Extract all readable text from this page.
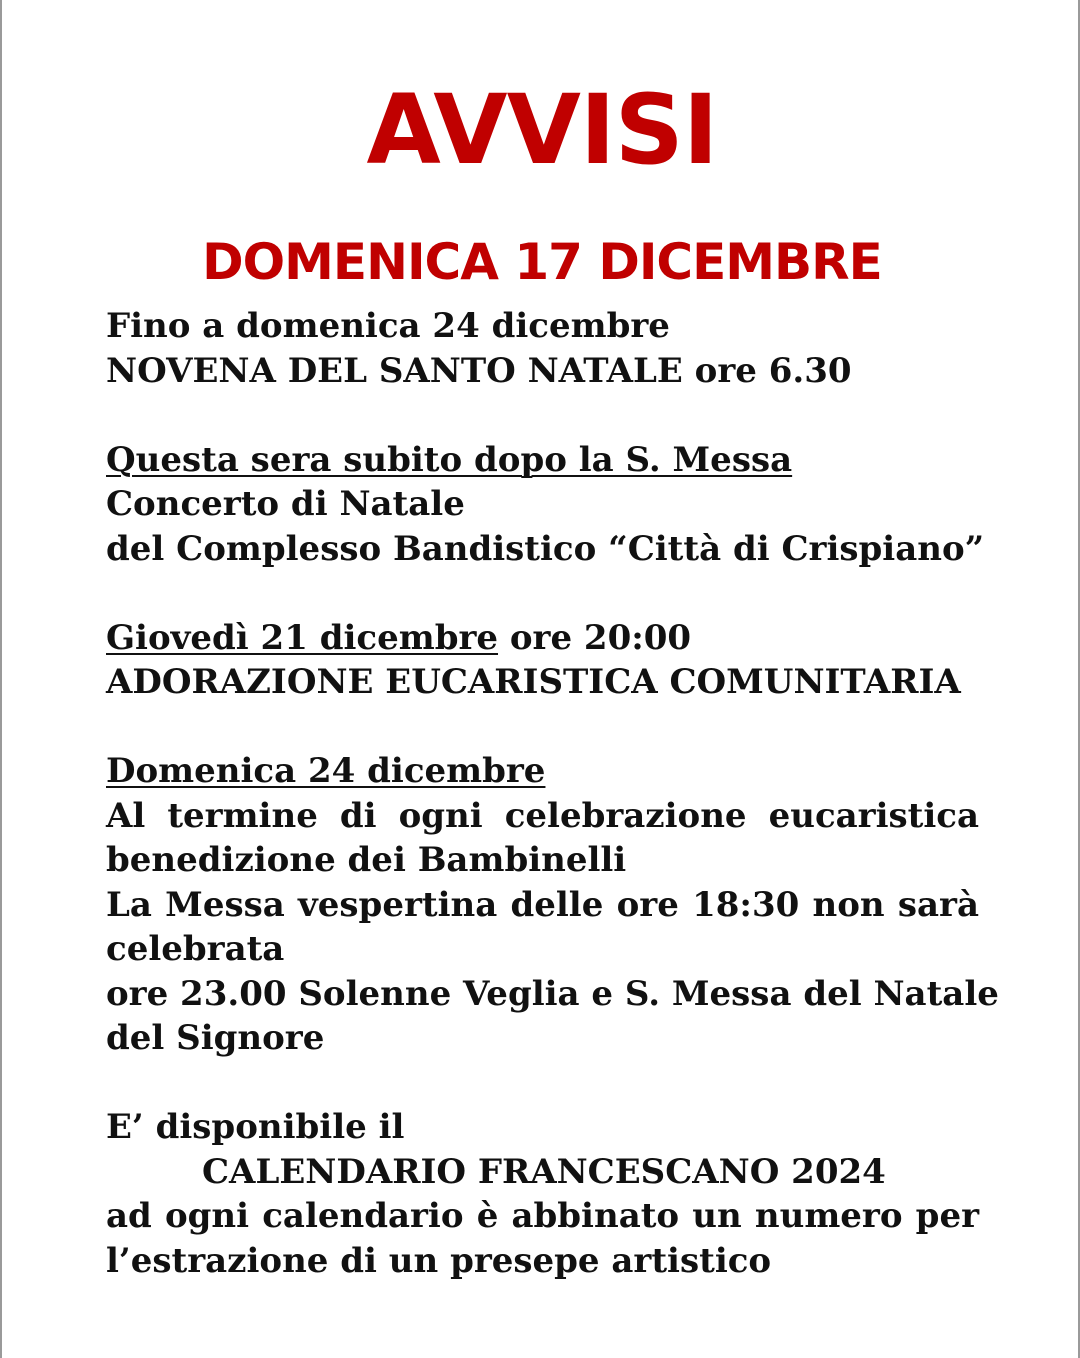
AVVISI
DOMENICA 17 DICEMBRE
Fino a domenica 24 dicembre
NOVENA DEL SANTO NATALE ore 6.30
Questa sera subito dopo la S. Messa
Concerto di Natale
del Complesso Bandistico “Città di Crispiano”
Giovedì 21 dicembre ore 20:00
ADORAZIONE EUCARISTICA COMUNITARIA
Domenica 24 dicembre
Al termine di ogni celebrazione eucaristica
benedizione dei Bambinelli
La Messa vespertina delle ore 18:30 non sarà
celebrata
ore 23.00 Solenne Veglia e S. Messa del Natale
del Signore
E’ disponibile il
CALENDARIO FRANCESCANO 2024
ad ogni calendario è abbinato un numero per
l’estrazione di un presepe artistico
